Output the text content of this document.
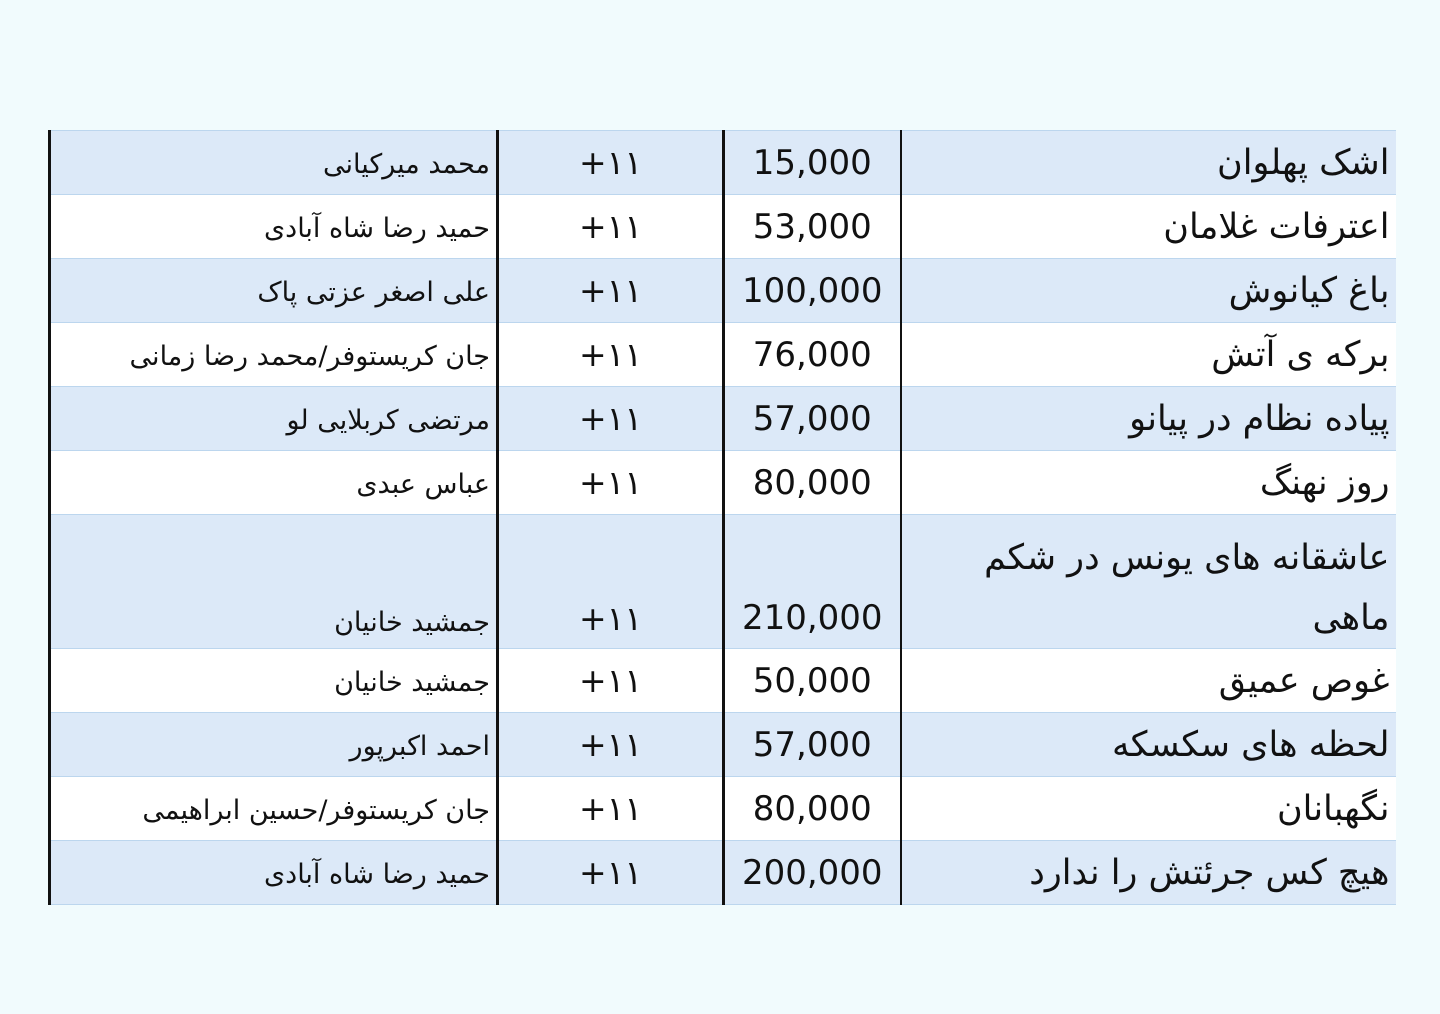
محمد میرکیانی	+۱۱	15,000	اشک پهلوان
حمید رضا شاه آبادی	+۱۱	53,000	اعترفات غلامان
علی اصغر عزتی پاک	+۱۱	100,000	باغ کیانوش
جان کریستوفر/محمد رضا زمانی	+۱۱	76,000	برکه ی آتش
مرتضی کربلایی لو	+۱۱	57,000	پیاده نظام در پیانو
عباس عبدی	+۱۱	80,000	روز نهنگ
جمشید خانیان	+۱۱	210,000	عاشقانه های یونس در شکم ماهی
جمشید خانیان	+۱۱	50,000	غوص عمیق
احمد اکبرپور	+۱۱	57,000	لحظه های سکسکه
جان کریستوفر/حسین ابراهیمی	+۱۱	80,000	نگهبانان
حمید رضا شاه آبادی	+۱۱	200,000	هیچ کس جرئتش را ندارد
